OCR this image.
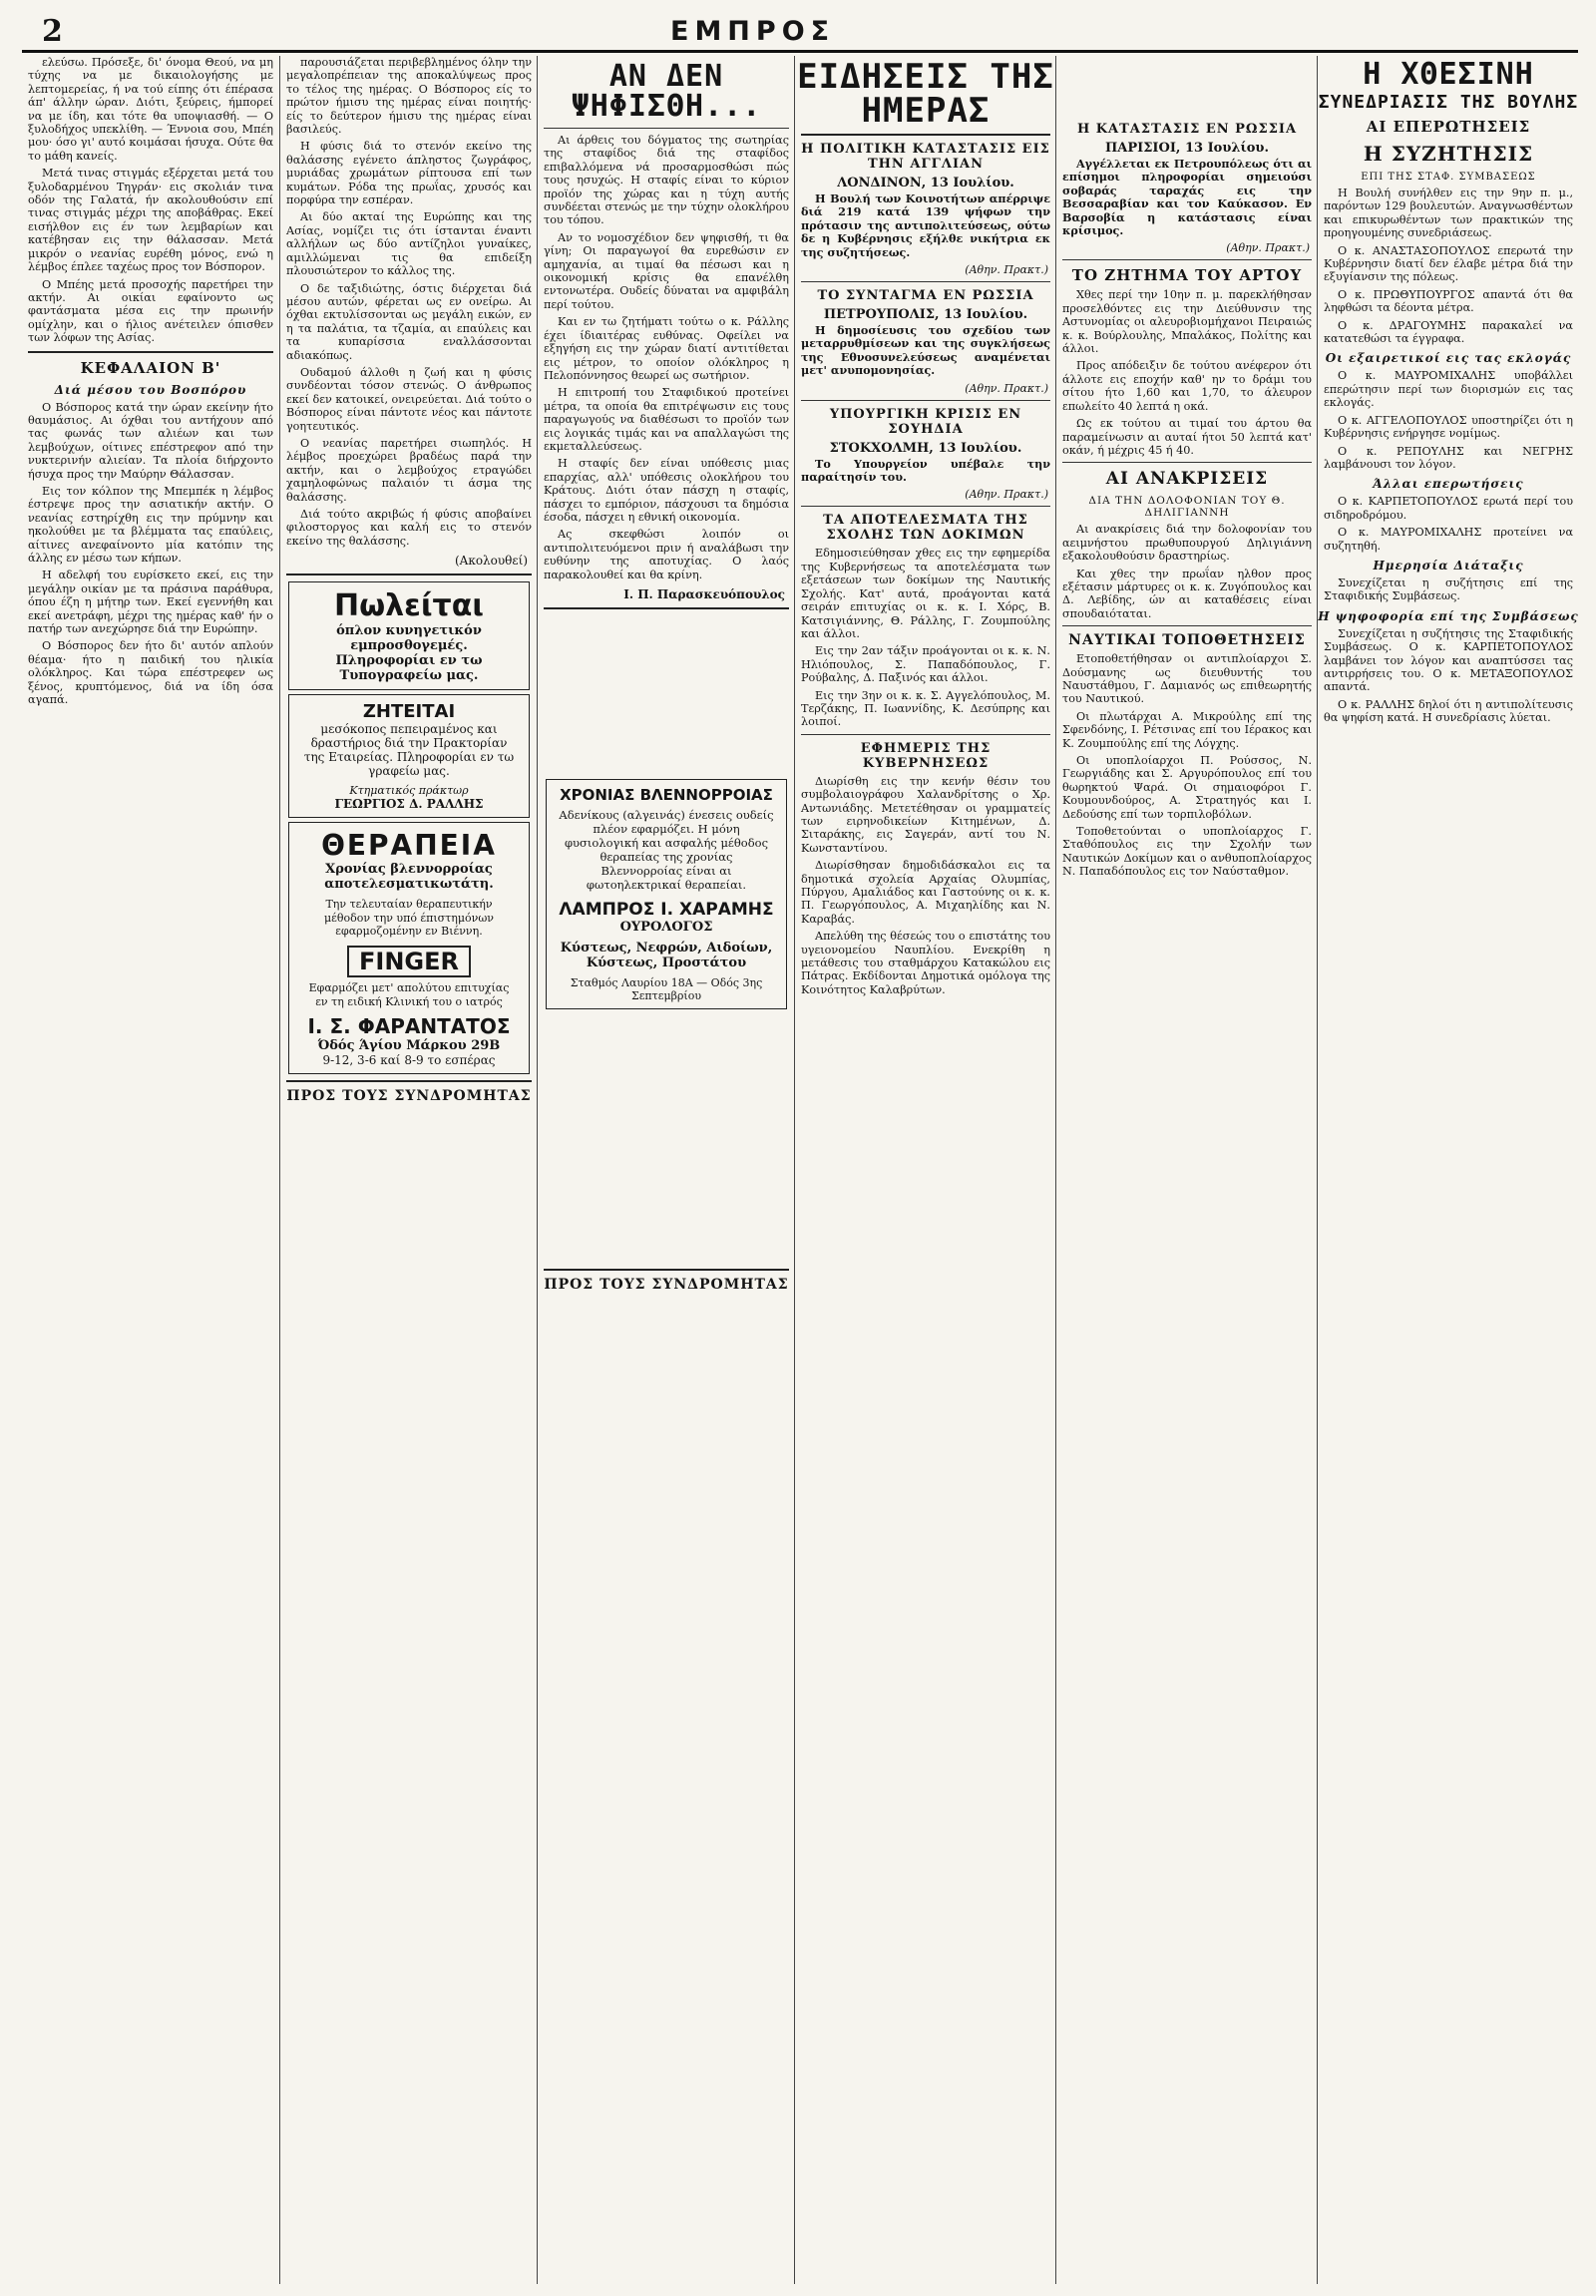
2	ΕΜΠΡΟΣ

ελεύσω. Πρόσεξε, δι' όνομα Θεού, να μη τύχης να με δικαιολογήσης με λεπτομερείας, ή να τού είπης ότι έπέρασα άπ' άλλην ώραν. Διότι, ξεύρεις, ήμπορεί να με ίδη, και τότε θα υποψιασθή. — Ο ξυλοδήχος υπεκλίθη. — Έννοια σου, Μπέη μου· όσο γι' αυτό κοιμάσαι ήσυχα. Ούτε θα το μάθη κανείς.

Μετά τινας στιγμάς εξέρχεται μετά του ξυλοδαρμένου Τηγράν· εις σκολιάν τινα οδόν της Γαλατά, ήν ακολουθούσιν επί τινας στιγμάς μέχρι της αποβάθρας. Εκεί εισήλθον εις έν των λεμβαρίων και κατέβησαν εις την θάλασσαν. Μετά μικρόν ο νεανίας ευρέθη μόνος, ενώ η λέμβος έπλεε ταχέως προς τον Βόσπορον.

Ο Μπέης μετά προσοχής παρετήρει την ακτήν. Αι οικίαι εφαίνοντο ως φαντάσματα μέσα εις την πρωινήν ομίχλην, και ο ήλιος ανέτειλεν όπισθεν των λόφων της Ασίας.

ΚΕΦΑΛΑΙΟΝ Β'
Διά μέσου του Βοσπόρου

Ο Βόσπορος κατά την ώραν εκείνην ήτο θαυμάσιος. Αι όχθαι του αντήχουν από τας φωνάς των αλιέων και των λεμβούχων, οίτινες επέστρεφον από την νυκτερινήν αλιείαν. Τα πλοία διήρχοντο ήσυχα προς την Μαύρην Θάλασσαν.

Εις τον κόλπον της Μπεμπέκ η λέμβος έστρεψε προς την ασιατικήν ακτήν. Ο νεανίας εστηρίχθη εις την πρύμνην και ηκολούθει με τα βλέμματα τας επαύλεις, αίτινες ανεφαίνοντο μία κατόπιν της άλλης εν μέσω των κήπων.

Η αδελφή του ευρίσκετο εκεί, εις την μεγάλην οικίαν με τα πράσινα παράθυρα, όπου έζη η μήτηρ των. Εκεί εγεννήθη και εκεί ανετράφη, μέχρι της ημέρας καθ' ήν ο πατήρ των ανεχώρησε διά την Ευρώπην.

Ο Βόσπορος δεν ήτο δι' αυτόν απλούν θέαμα· ήτο η παιδική του ηλικία ολόκληρος. Και τώρα επέστρεφεν ως ξένος, κρυπτόμενος, διά να ίδη όσα αγαπά.

παρουσιάζεται περιβεβλημένος όλην την μεγαλοπρέπειαν της αποκαλύψεως προς το τέλος της ημέρας. Ο Βόσπορος είς το πρώτον ήμισυ της ημέρας είναι ποιητής· είς το δεύτερον ήμισυ της ημέρας είναι βασιλεύς.

Η φύσις διά το στενόν εκείνο της θαλάσσης εγένετο άπληστος ζωγράφος, μυριάδας χρωμάτων ρίπτουσα επί των κυμάτων. Ρόδα της πρωΐας, χρυσός και πορφύρα την εσπέραν.

Αι δύο ακταί της Ευρώπης και της Ασίας, νομίζει τις ότι ίστανται έναντι αλλήλων ως δύο αντίζηλοι γυναίκες, αμιλλώμεναι τις θα επιδείξη πλουσιώτερον το κάλλος της.

Ο δε ταξιδιώτης, όστις διέρχεται διά μέσου αυτών, φέρεται ως εν ονείρω. Αι όχθαι εκτυλίσσονται ως μεγάλη εικών, εν η τα παλάτια, τα τζαμία, αι επαύλεις και τα κυπαρίσσια εναλλάσσονται αδιακόπως.

Ουδαμού άλλοθι η ζωή και η φύσις συνδέονται τόσον στενώς. Ο άνθρωπος εκεί δεν κατοικεί, ονειρεύεται. Διά τούτο ο Βόσπορος είναι πάντοτε νέος και πάντοτε γοητευτικός.

Ο νεανίας παρετήρει σιωπηλός. Η λέμβος προεχώρει βραδέως παρά την ακτήν, και ο λεμβούχος ετραγώδει χαμηλοφώνως παλαιόν τι άσμα της θαλάσσης.

Διά τούτο ακριβώς ή φύσις αποβαίνει φιλοστοργος και καλή εις το στενόν εκείνο της θαλάσσης.

(Ακολουθεί)
Πωλείται
όπλον κυνηγετικόν εμπροσθογεμές. Πληροφορίαι εν τω Τυπογραφείω μας.
ΖΗΤΕΙΤΑΙ
μεσόκοπος πεπειραμένος και δραστήριος διά την Πρακτορίαν της Εταιρείας. Πληροφορίαι εν τω γραφείω μας.
Κτηματικός πράκτωρ
ΓΕΩΡΓΙΟΣ Δ. ΡΑΛΛΗΣ
ΘΕΡΑΠΕΙΑ
Χρονίας βλεννορροίας αποτελεσματικωτάτη.
Την τελευταίαν θεραπευτικήν μέθοδον την υπό έπιστημόνων εφαρμοζομένην εν Βιέννη.
FINGER
Εφαρμόζει μετ' απολύτου επιτυχίας εν τη ειδική Κλινική του ο ιατρός
Ι. Σ. ΦΑΡΑΝΤΑΤΟΣ
Όδός Άγίου Μάρκου 29Β
9-12, 3-6 καί 8-9 το εσπέρας
ΠΡΟΣ ΤΟΥΣ ΣΥΝΔΡΟΜΗΤΑΣ
ΑΝ ΔΕΝ ΨΗΦΙΣΘΗ...

Αι άρθεις του δόγματος της σωτηρίας της σταφίδος διά της σταφίδος επιβαλλόμενα νά προσαρμοσθώσι πώς τους ησυχώς. Η σταφίς είναι το κύριον προϊόν της χώρας και η τύχη αυτής συνδέεται στενώς με την τύχην ολοκλήρου του τόπου.

Αν το νομοσχέδιον δεν ψηφισθή, τι θα γίνη; Οι παραγωγοί θα ευρεθώσιν εν αμηχανία, αι τιμαί θα πέσωσι και η οικονομική κρίσις θα επανέλθη εντονωτέρα. Ουδείς δύναται να αμφιβάλη περί τούτου.

Και εν τω ζητήματι τούτω ο κ. Ράλλης έχει ίδιαιτέρας ευθύνας. Οφείλει να εξηγήση εις την χώραν διατί αντιτίθεται εις μέτρον, το οποίον ολόκληρος η Πελοπόννησος θεωρεί ως σωτήριον.

Η επιτροπή του Σταφιδικού προτείνει μέτρα, τα οποία θα επιτρέψωσιν εις τους παραγωγούς να διαθέσωσι το προϊόν των εις λογικάς τιμάς και να απαλλαγώσι της εκμεταλλεύσεως.

Η σταφίς δεν είναι υπόθεσις μιας επαρχίας, αλλ' υπόθεσις ολοκλήρου του Κράτους. Διότι όταν πάσχη η σταφίς, πάσχει το εμπόριον, πάσχουσι τα δημόσια έσοδα, πάσχει η εθνική οικονομία.

Ας σκεφθώσι λοιπόν οι αντιπολιτευόμενοι πριν ή αναλάβωσι την ευθύνην της αποτυχίας. Ο λαός παρακολουθεί και θα κρίνη.

Ι. Π. Παρασκευόπουλος
ΧΡΟΝΙΑΣ ΒΛΕΝΝΟΡΡΟΙΑΣ
Αδενίκους (αλγεινάς) ένεσεις ουδείς πλέον εφαρμόζει. Η μόνη φυσιολογική και ασφαλής μέθοδος θεραπείας της χρονίας Βλεννορροίας είναι αι φωτοηλεκτρικαί θεραπείαι.
ΛΑΜΠΡΟΣ Ι. ΧΑΡΑΜΗΣ
ΟΥΡΟΛΟΓΟΣ
Κύστεως, Νεφρών, Αιδοίων, Κύστεως, Προστάτου
Σταθμός Λαυρίου 18Α — Οδός 3ης Σεπτεμβρίου
ΠΡΟΣ ΤΟΥΣ ΣΥΝΔΡΟΜΗΤΑΣ
ΕΙΔΗΣΕΙΣ ΤΗΣ ΗΜΕΡΑΣ
Η ΠΟΛΙΤΙΚΗ ΚΑΤΑΣΤΑΣΙΣ ΕΙΣ ΤΗΝ ΑΓΓΛΙΑΝ
ΛΟΝΔΙΝΟΝ, 13 Ιουλίου.

Η Βουλή των Κοινοτήτων απέρριψε διά 219 κατά 139 ψήφων την πρότασιν της αντιπολιτεύσεως, ούτω δε η Κυβέρνησις εξήλθε νικήτρια εκ της συζητήσεως.

(Αθην. Πρακτ.)
ΤΟ ΣΥΝΤΑΓΜΑ ΕΝ ΡΩΣΣΙΑ
ΠΕΤΡΟΥΠΟΛΙΣ, 13 Ιουλίου.

Η δημοσίευσις του σχεδίου των μεταρρυθμίσεων και της συγκλήσεως της Εθνοσυνελεύσεως αναμένεται μετ' ανυπομονησίας.

(Αθην. Πρακτ.)
ΥΠΟΥΡΓΙΚΗ ΚΡΙΣΙΣ ΕΝ ΣΟΥΗΔΙΑ
ΣΤΟΚΧΟΛΜΗ, 13 Ιουλίου.

Το Υπουργείον υπέβαλε την παραίτησίν του.

(Αθην. Πρακτ.)
ΤΑ ΑΠΟΤΕΛΕΣΜΑΤΑ ΤΗΣ ΣΧΟΛΗΣ ΤΩΝ ΔΟΚΙΜΩΝ

Εδημοσιεύθησαν χθες εις την εφημερίδα της Κυβερνήσεως τα αποτελέσματα των εξετάσεων των δοκίμων της Ναυτικής Σχολής. Κατ' αυτά, προάγονται κατά σειράν επιτυχίας οι κ. κ. Ι. Χόρς, Β. Κατσιγιάννης, Θ. Ράλλης, Γ. Ζουμπούλης και άλλοι.

Εις την 2αν τάξιν προάγονται οι κ. κ. Ν. Ηλιόπουλος, Σ. Παπαδόπουλος, Γ. Ρούβαλης, Δ. Παξινός και άλλοι.

Εις την 3ην οι κ. κ. Σ. Αγγελόπουλος, Μ. Τερζάκης, Π. Ιωαννίδης, Κ. Δεσύπρης και λοιποί.

ΕΦΗΜΕΡΙΣ ΤΗΣ ΚΥΒΕΡΝΗΣΕΩΣ

Διωρίσθη εις την κενήν θέσιν του συμβολαιογράφου Χαλανδρίτσης ο Χρ. Αντωνιάδης. Μετετέθησαν οι γραμματείς των ειρηνοδικείων Κιτημένων, Δ. Σιταράκης, εις Σαγεράν, αντί του Ν. Κωνσταντίνου.

Διωρίσθησαν δημοδιδάσκαλοι εις τα δημοτικά σχολεία Αρχαίας Ολυμπίας, Πύργου, Αμαλιάδος και Γαστούνης οι κ. κ. Π. Γεωργόπουλος, Α. Μιχαηλίδης και Ν. Καραβάς.

Απελύθη της θέσεώς του ο επιστάτης του υγειονομείου Ναυπλίου. Ενεκρίθη η μετάθεσις του σταθμάρχου Κατακώλου εις Πάτρας. Εκδίδονται Δημοτικά ομόλογα της Κοινότητος Καλαβρύτων.

Η ΚΑΤΑΣΤΑΣΙΣ ΕΝ ΡΩΣΣΙΑ
ΠΑΡΙΣΙΟΙ, 13 Ιουλίου.

Αγγέλλεται εκ Πετρουπόλεως ότι αι επίσημοι πληροφορίαι σημειούσι σοβαράς ταραχάς εις την Βεσσαραβίαν και τον Καύκασον. Εν Βαρσοβία η κατάστασις είναι κρίσιμος.

(Αθην. Πρακτ.)
ΤΟ ΖΗΤΗΜΑ ΤΟΥ ΑΡΤΟΥ

Χθες περί την 10ην π. μ. παρεκλήθησαν προσελθόντες εις την Διεύθυνσιν της Αστυνομίας οι αλευροβιομήχανοι Πειραιώς κ. κ. Βούρλουλης, Μπαλάκος, Πολίτης και άλλοι.

Προς απόδειξιν δε τούτου ανέφερον ότι άλλοτε εις εποχήν καθ' ην το δράμι του σίτου ήτο 1,60 και 1,70, το άλευρον επωλείτο 40 λεπτά η οκά.

Ως εκ τούτου αι τιμαί του άρτου θα παραμείνωσιν αι αυταί ήτοι 50 λεπτά κατ' οκάν, ή μέχρις 45 ή 40.

ΑΙ ΑΝΑΚΡΙΣΕΙΣ
ΔΙΑ ΤΗΝ ΔΟΛΟΦΟΝΙΑΝ ΤΟΥ Θ. ΔΗΛΙΓΙΑΝΝΗ

Αι ανακρίσεις διά την δολοφονίαν του αειμνήστου πρωθυπουργού Δηλιγιάννη εξακολουθούσιν δραστηρίως.

Και χθες την πρωΐαν ηλθον προς εξέτασιν μάρτυρες οι κ. κ. Ζυγόπουλος και Δ. Λεβίδης, ών αι καταθέσεις είναι σπουδαιόταται.

ΝΑΥΤΙΚΑΙ ΤΟΠΟΘΕΤΗΣΕΙΣ

Ετοποθετήθησαν οι αντιπλοίαρχοι Σ. Δούσμανης ως διευθυντής του Ναυστάθμου, Γ. Δαμιανός ως επιθεωρητής του Ναυτικού.

Οι πλωτάρχαι Α. Μικρούλης επί της Σφενδόνης, Ι. Ρέτσινας επί του Ιέρακος και Κ. Ζουμπούλης επί της Λόγχης.

Οι υποπλοίαρχοι Π. Ρούσσος, Ν. Γεωργιάδης και Σ. Αργυρόπουλος επί του θωρηκτού Ψαρά. Οι σημαιοφόροι Γ. Κουμουνδούρος, Α. Στρατηγός και Ι. Δεδούσης επί των τορπιλοβόλων.

Τοποθετούνται ο υποπλοίαρχος Γ. Σταθόπουλος εις την Σχολήν των Ναυτικών Δοκίμων και ο ανθυποπλοίαρχος Ν. Παπαδόπουλος εις τον Ναύσταθμον.

Η ΧΘΕΣΙΝΗ
ΣΥΝΕΔΡΙΑΣΙΣ ΤΗΣ ΒΟΥΛΗΣ
ΑΙ ΕΠΕΡΩΤΗΣΕΙΣ
Η ΣΥΖΗΤΗΣΙΣ
ΕΠΙ ΤΗΣ ΣΤΑΦ. ΣΥΜΒΑΣΕΩΣ

Η Βουλή συνήλθεν εις την 9ην π. μ., παρόντων 129 βουλευτών. Αναγνωσθέντων και επικυρωθέντων των πρακτικών της προηγουμένης συνεδριάσεως.

Ο κ. ΑΝΑΣΤΑΣΟΠΟΥΛΟΣ επερωτά την Κυβέρνησιν διατί δεν έλαβε μέτρα διά την εξυγίανσιν της πόλεως.

Ο κ. ΠΡΩΘΥΠΟΥΡΓΟΣ απαντά ότι θα ληφθώσι τα δέοντα μέτρα.

Ο κ. ΔΡΑΓΟΥΜΗΣ παρακαλεί να κατατεθώσι τα έγγραφα.

Οι εξαιρετικοί εις τας εκλογάς

Ο κ. ΜΑΥΡΟΜΙΧΑΛΗΣ υποβάλλει επερώτησιν περί των διορισμών εις τας εκλογάς.

Ο κ. ΑΓΓΕΛΟΠΟΥΛΟΣ υποστηρίζει ότι η Κυβέρνησις ενήργησε νομίμως.

Ο κ. ΡΕΠΟΥΛΗΣ και ΝΕΓΡΗΣ λαμβάνουσι τον λόγον.

Άλλαι επερωτήσεις

Ο κ. ΚΑΡΠΕΤΟΠΟΥΛΟΣ ερωτά περί του σιδηροδρόμου.

Ο κ. ΜΑΥΡΟΜΙΧΑΛΗΣ προτείνει να συζητηθή.

Ημερησία Διάταξις

Συνεχίζεται η συζήτησις επί της Σταφιδικής Συμβάσεως.

Η ψηφοφορία επί της Συμβάσεως

Συνεχίζεται η συζήτησις της Σταφιδικής Συμβάσεως. Ο κ. ΚΑΡΠΕΤΟΠΟΥΛΟΣ λαμβάνει τον λόγον και αναπτύσσει τας αντιρρήσεις του. Ο κ. ΜΕΤΑΞΟΠΟΥΛΟΣ απαντά.

Ο κ. ΡΑΛΛΗΣ δηλοί ότι η αντιπολίτευσις θα ψηφίση κατά. Η συνεδρίασις λύεται.
